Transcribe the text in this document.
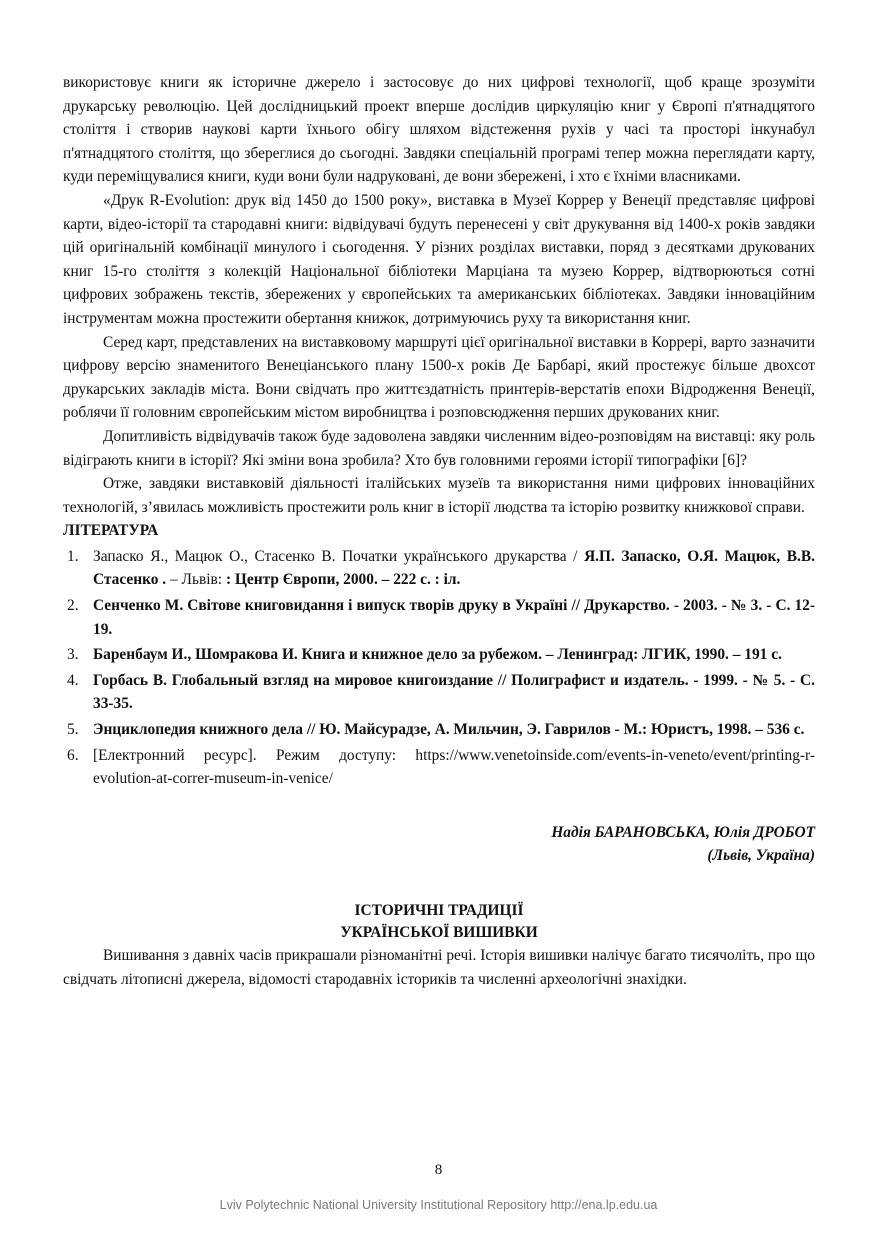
використовує книги як історичне джерело і застосовує до них цифрові технології, щоб краще зрозуміти друкарську революцію. Цей дослідницький проект вперше дослідив циркуляцію книг у Європі п'ятнадцятого століття і створив наукові карти їхнього обігу шляхом відстеження рухів у часі та просторі інкунабул п'ятнадцятого століття, що збереглися до сьогодні. Завдяки спеціальній програмі тепер можна переглядати карту, куди переміщувалися книги, куди вони були надруковані, де вони збережені, і хто є їхніми власниками.

«Друк R-Evolution: друк від 1450 до 1500 року», виставка в Музеї Коррер у Венеції представляє цифрові карти, відео-історії та стародавні книги: відвідувачі будуть перенесені у світ друкування від 1400-х років завдяки цій оригінальній комбінації минулого і сьогодення. У різних розділах виставки, поряд з десятками друкованих книг 15-го століття з колекцій Національної бібліотеки Марціана та музею Коррер, відтворюються сотні цифрових зображень текстів, збережених у європейських та американських бібліотеках. Завдяки інноваційним інструментам можна простежити обертання книжок, дотримуючись руху та використання книг.

Серед карт, представлених на виставковому маршруті цієї оригінальної виставки в Коррері, варто зазначити цифрову версію знаменитого Венеціанського плану 1500-х років Де Барбарі, який простежує більше двохсот друкарських закладів міста. Вони свідчать про життєздатність принтерів-верстатів епохи Відродження Венеції, роблячи її головним європейським містом виробництва і розповсюдження перших друкованих книг.

Допитливість відвідувачів також буде задоволена завдяки численним відео-розповідям на виставці: яку роль відіграють книги в історії? Які зміни вона зробила? Хто був головними героями історії типографіки [6]?

Отже, завдяки виставковій діяльності італійських музеїв та використання ними цифрових інноваційних технологій, з’явилась можливість простежити роль книг в історії людства та історію розвитку книжкової справи.

ЛІТЕРАТУРА

1. Запаско Я., Мацюк О., Стасенко В. Початки українського друкарства / Я.П. Запаско, О.Я. Мацюк, В.В. Стасенко . – Львів: : Центр Європи, 2000. – 222 с. : іл.
2. Сенченко М. Світове книговидання і випуск творів друку в Україні // Друкарство. - 2003. - № 3. - С. 12-19.
3. Баренбаум И., Шомракова И. Книга и книжное дело за рубежом. – Ленинград: ЛГИК, 1990. – 191 с.
4. Горбась В. Глобальный взгляд на мировое книгоиздание // Полиграфист и издатель. - 1999. - № 5. - С. 33-35.
5. Энциклопедия книжного дела // Ю. Майсурадзе, А. Мильчин, Э. Гаврилов - М.: Юристъ, 1998. – 536 с.
6. [Електронний ресурс]. Режим доступу: https://www.venetoinside.com/events-in-veneto/event/printing-r-evolution-at-correr-museum-in-venice/
Надія БАРАНОВСЬКА, Юлія ДРОБОТ
(Львів, Україна)
ІСТОРИЧНІ ТРАДИЦІЇ
УКРАЇНСЬКОЇ ВИШИВКИ

Вишивання з давніх часів прикрашали різноманітні речі. Історія вишивки налічує багато тисячоліть, про що свідчать літописні джерела, відомості стародавніх істориків та численні археологічні знахідки.

8
Lviv Polytechnic National University Institutional Repository http://ena.lp.edu.ua
